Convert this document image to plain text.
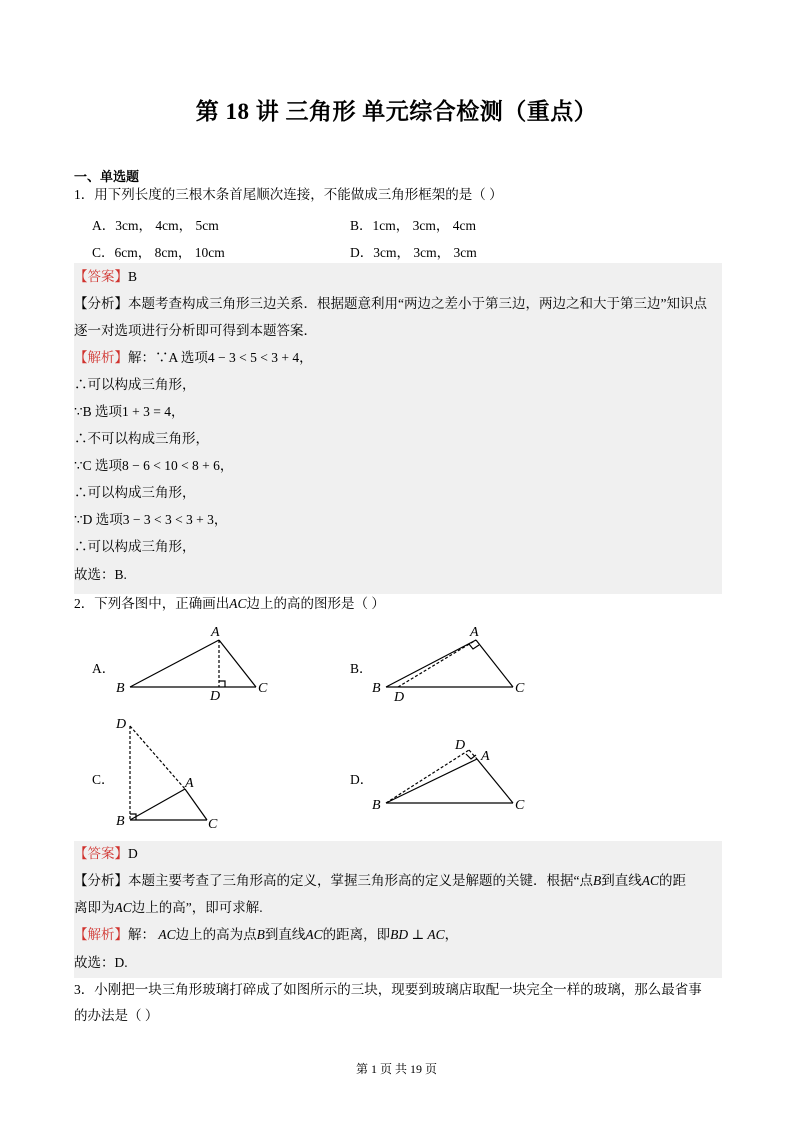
第 18 讲 三角形 单元综合检测（重点）
一、单选题
1．用下列长度的三根木条首尾顺次连接，不能做成三角形框架的是（ ）
A．3cm， 4cm， 5cm	B．1cm， 3cm， 4cm
C．6cm， 8cm， 10cm	D．3cm， 3cm， 3cm
【答案】B
【分析】本题考查构成三角形三边关系．根据题意利用“两边之差小于第三边，两边之和大于第三边”知识点
逐一对选项进行分析即可得到本题答案．
【解析】解：∵A 选项4 − 3 < 5 < 3 + 4，
∴可以构成三角形，
∵B 选项1 + 3 = 4，
∴不可以构成三角形，
∵C 选项8 − 6 < 10 < 8 + 6，
∴可以构成三角形，
∵D 选项3 − 3 < 3 < 3 + 3，
∴可以构成三角形，
故选：B.
2．下列各图中，正确画出AC边上的高的图形是（ ）
A．	B．
C．	D．
A
B	C
D
A
B	C
D
A
B	C
D
A
B	C
D
【答案】D
【分析】本题主要考查了三角形高的定义，掌握三角形高的定义是解题的关键．根据“点B到直线AC的距
离即为AC边上的高”，即可求解.
【解析】解： AC边上的高为点B到直线AC的距离，即BD ⊥ AC，
故选：D.
3．小刚把一块三角形玻璃打碎成了如图所示的三块，现要到玻璃店取配一块完全一样的玻璃，那么最省事
的办法是（ ）
第 1 页 共 19 页
